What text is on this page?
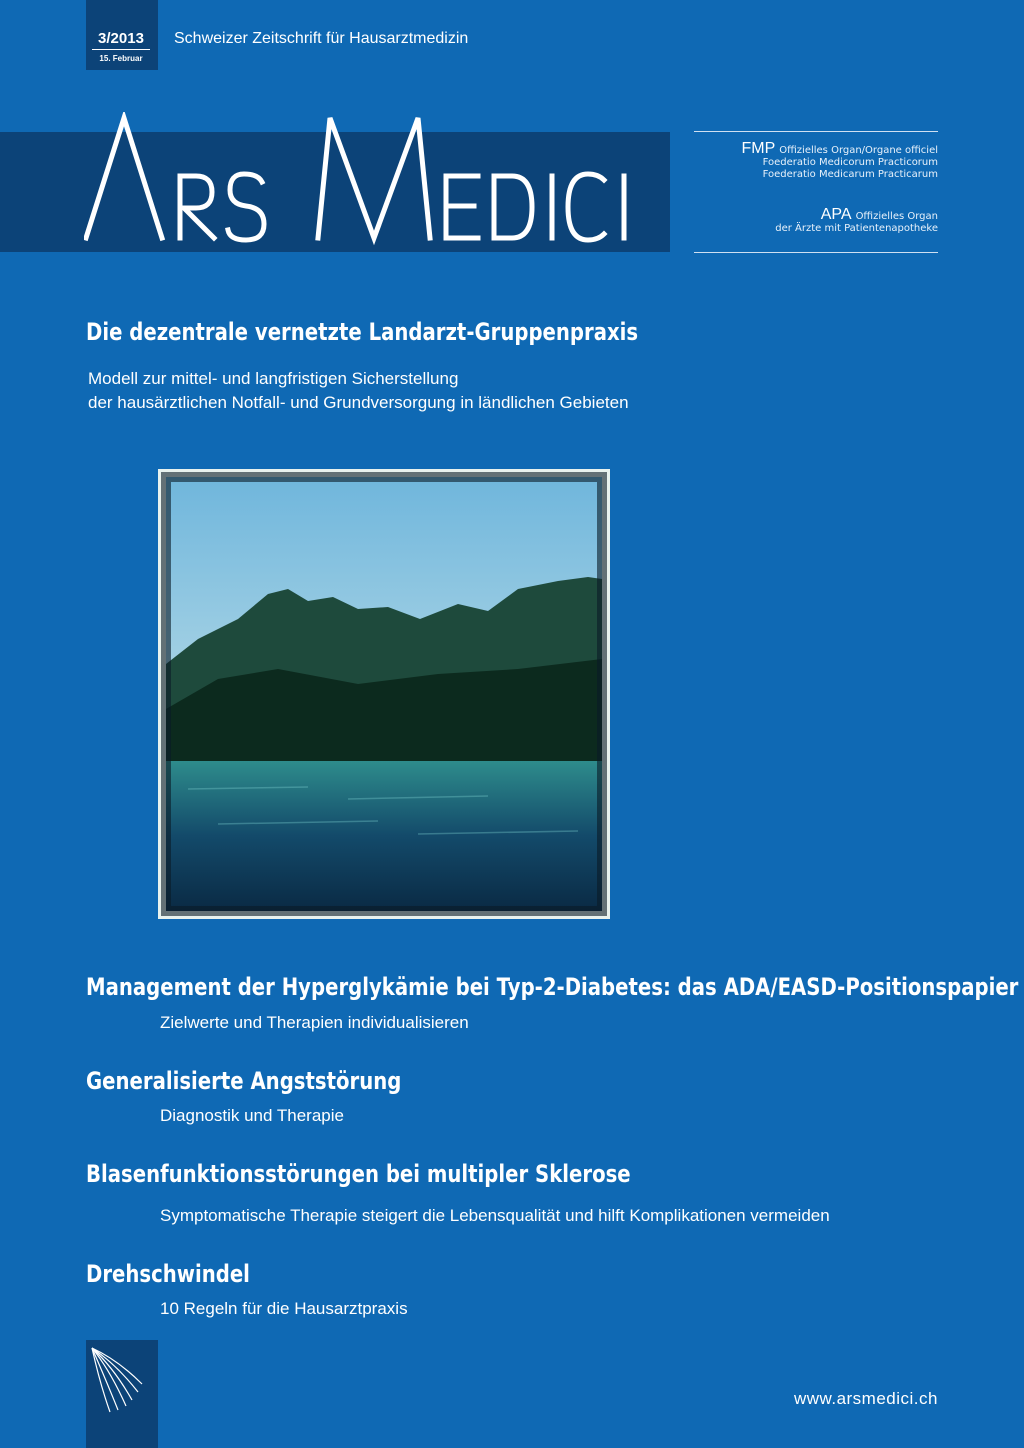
3/2013
15. Februar
Schweizer Zeitschrift für Hausarztmedizin
FMP Offizielles Organ/Organe officiel
Foederatio Medicorum Practicorum
Foederatio Medicarum Practicarum
APA Offizielles Organ
der Ärzte mit Patientenapotheke
Die dezentrale vernetzte Landarzt-Gruppenpraxis
Modell zur mittel- und langfristigen Sicherstellung
der hausärztlichen Notfall- und Grundversorgung in ländlichen Gebieten
Management der Hyperglykämie bei Typ-2-Diabetes: das ADA/EASD-Positionspapier
Zielwerte und Therapien individualisieren
Generalisierte Angststörung
Diagnostik und Therapie
Blasenfunktionsstörungen bei multipler Sklerose
Symptomatische Therapie steigert die Lebensqualität und hilft Komplikationen vermeiden
Drehschwindel
10 Regeln für die Hausarztpraxis
www.arsmedici.ch
